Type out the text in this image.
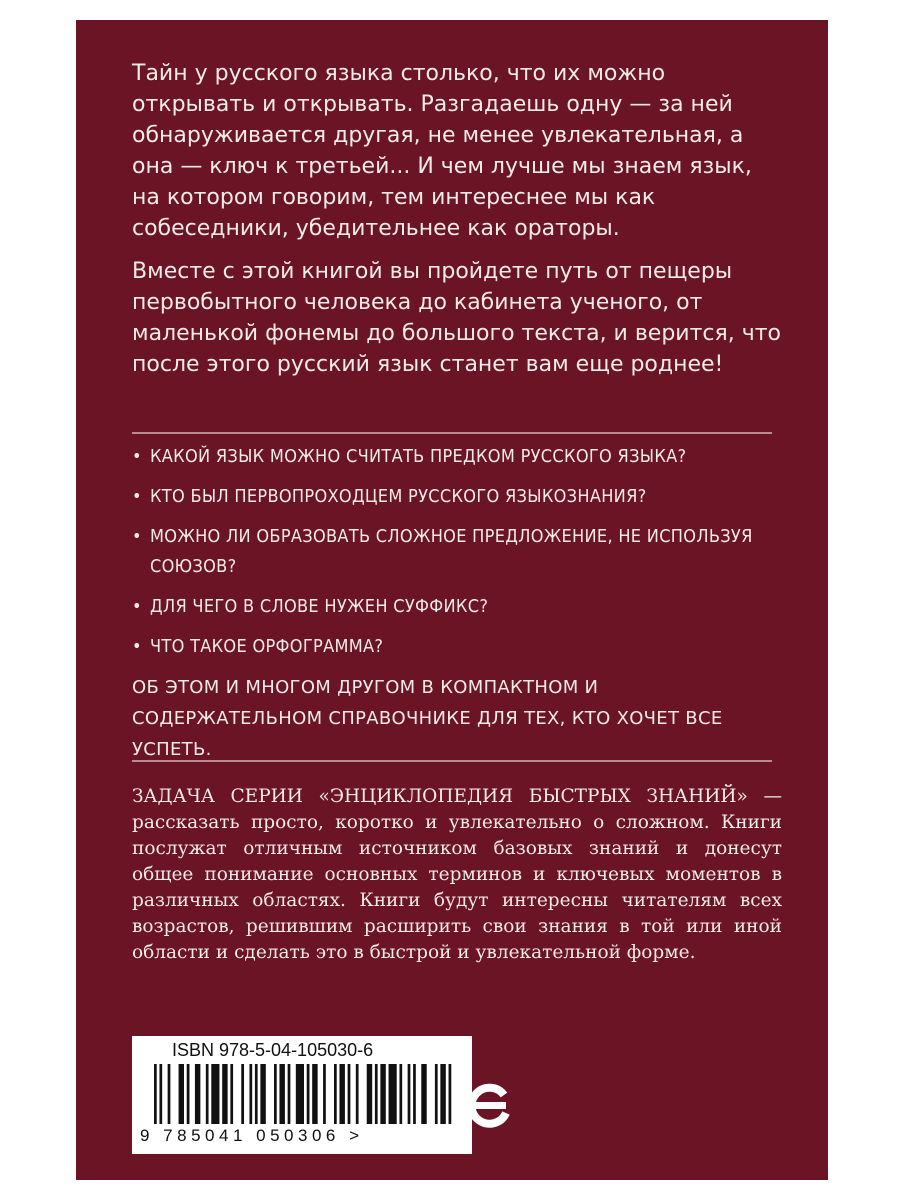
Тайн у русского языка столько, что их можно открывать и открывать. Разгадаешь одну — за ней обнаруживается другая, не менее увлекательная, а она — ключ к третьей... И чем лучше мы знаем язык, на котором говорим, тем интереснее мы как собеседники, убедительнее как ораторы.

Вместе с этой книгой вы пройдете путь от пещеры первобытного человека до кабинета ученого, от маленькой фонемы до большого текста, и верится, что после этого русский язык станет вам еще роднее!

• КАКОЙ ЯЗЫК МОЖНО СЧИТАТЬ ПРЕДКОМ РУССКОГО ЯЗЫКА?
• КТО БЫЛ ПЕРВОПРОХОДЦЕМ РУССКОГО ЯЗЫКОЗНАНИЯ?
• МОЖНО ЛИ ОБРАЗОВАТЬ СЛОЖНОЕ ПРЕДЛОЖЕНИЕ, НЕ ИСПОЛЬЗУЯ СОЮЗОВ?
• ДЛЯ ЧЕГО В СЛОВЕ НУЖЕН СУФФИКС?
• ЧТО ТАКОЕ ОРФОГРАММА?

ОБ ЭТОМ И МНОГОМ ДРУГОМ В КОМПАКТНОМ И СОДЕРЖАТЕЛЬНОМ СПРАВОЧНИКЕ ДЛЯ ТЕХ, КТО ХОЧЕТ ВСЕ УСПЕТЬ.

ЗАДАЧА СЕРИИ «ЭНЦИКЛОПЕДИЯ БЫСТРЫХ ЗНАНИЙ» — рассказать просто, коротко и увлекательно о сложном. Книги послужат отличным источником базовых знаний и донесут общее понимание основных терминов и ключевых моментов в различных областях. Книги будут интересны читателям всех возрастов, решившим расширить свои знания в той или иной области и сделать это в быстрой и увлекательной форме.

ISBN 978-5-04-105030-6
9 785041 050306 >
